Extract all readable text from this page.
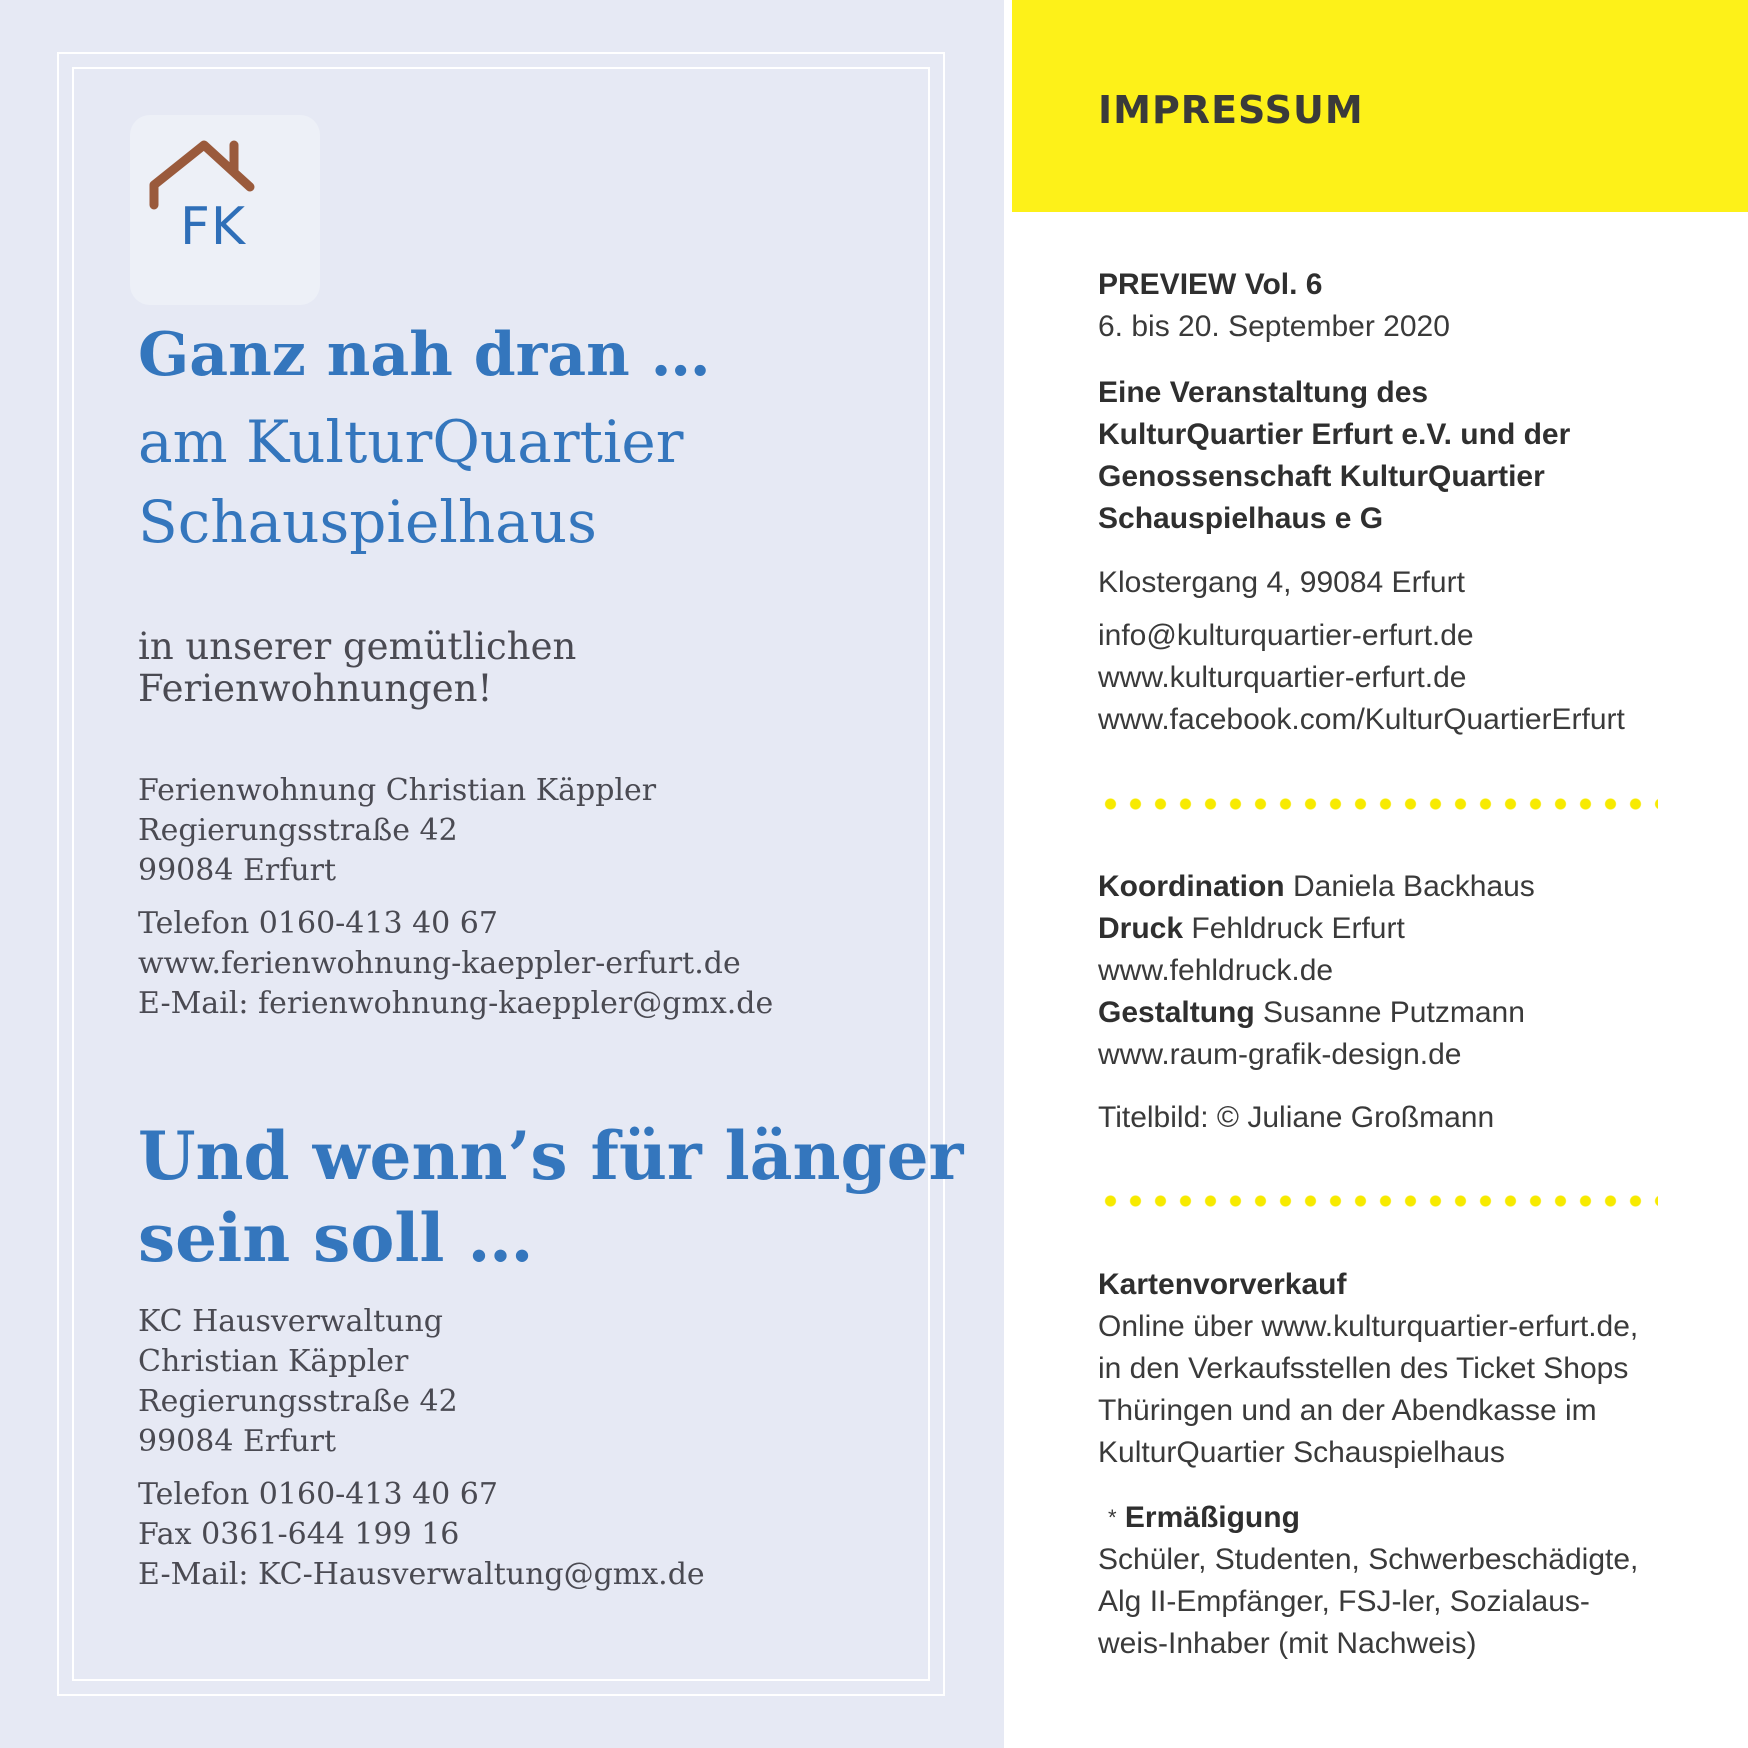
FK
Ganz nah dran …
am KulturQuartier
Schauspielhaus
in unserer gemütlichen
Ferienwohnungen!
Ferienwohnung Christian Käppler
Regierungsstraße 42
99084 Erfurt
Telefon 0160-413 40 67
www.ferienwohnung-kaeppler-erfurt.de
E-Mail: ferienwohnung-kaeppler@gmx.de
Und wenn’s für länger
sein soll …
KC Hausverwaltung
Christian Käppler
Regierungsstraße 42
99084 Erfurt
Telefon 0160-413 40 67
Fax 0361-644 199 16
E-Mail: KC-Hausverwaltung@gmx.de
IMPRESSUM
PREVIEW Vol. 6
6. bis 20. September 2020
Eine Veranstaltung des
KulturQuartier Erfurt e.V. und der
Genossenschaft KulturQuartier
Schauspielhaus e G
Klostergang 4, 99084 Erfurt
info@kulturquartier-erfurt.de
www.kulturquartier-erfurt.de
www.facebook.com/KulturQuartierErfurt
Koordination Daniela Backhaus
Druck Fehldruck Erfurt
www.fehldruck.de
Gestaltung Susanne Putzmann
www.raum-grafik-design.de
Titelbild: © Juliane Großmann
Kartenvorverkauf
Online über www.kulturquartier-erfurt.de,
in den Verkaufsstellen des Ticket Shops
Thüringen und an der Abendkasse im
KulturQuartier Schauspielhaus
* Ermäßigung
Schüler, Studenten, Schwerbeschädigte,
Alg II-Empfänger, FSJ-ler, Sozialaus-
weis-Inhaber (mit Nachweis)
